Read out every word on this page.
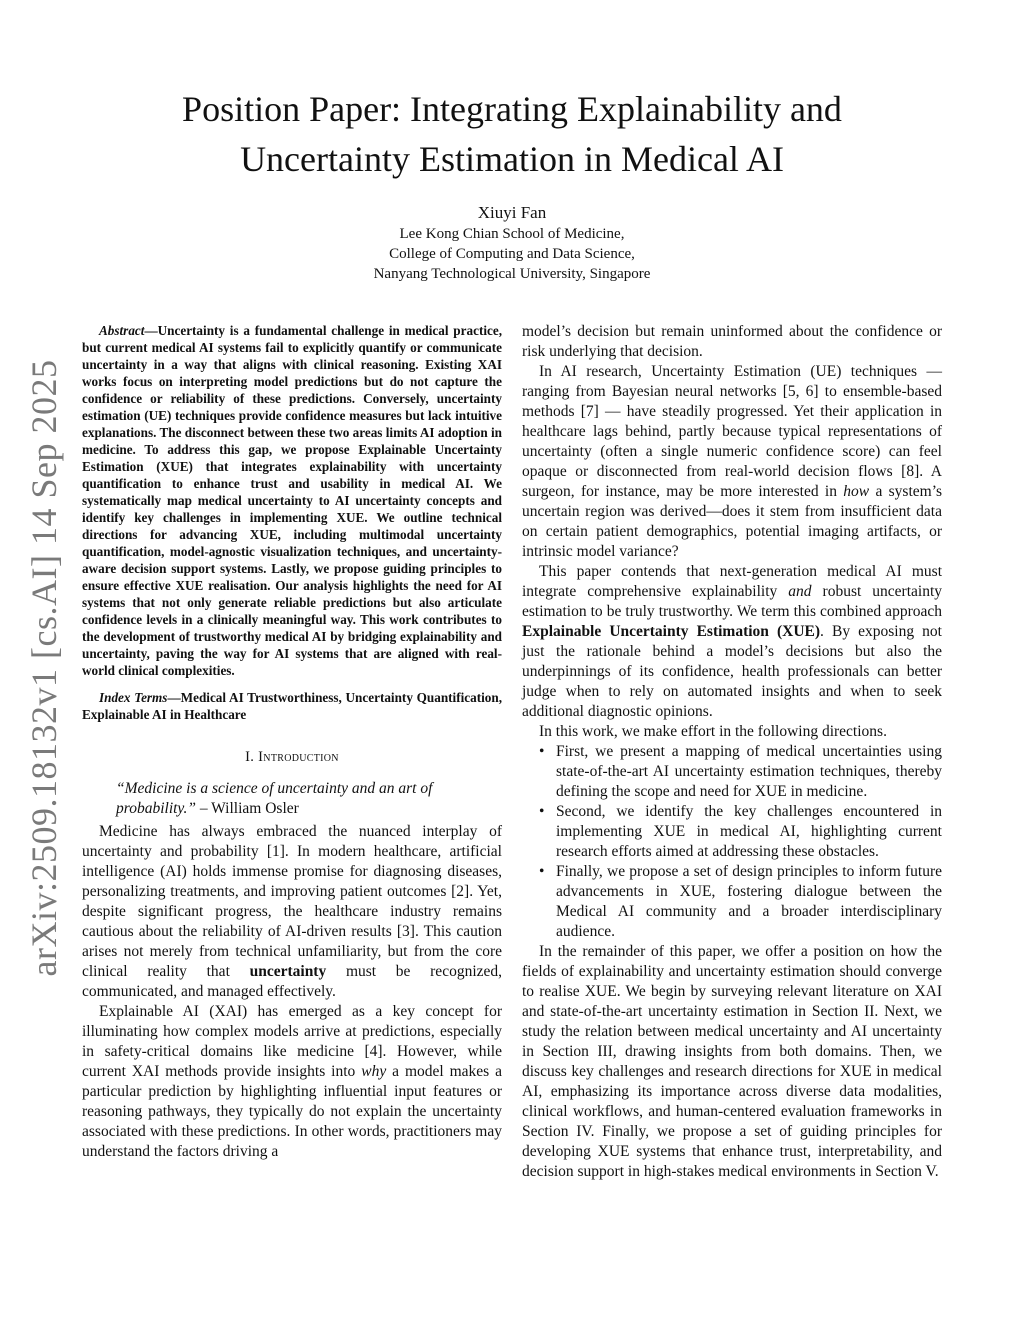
arXiv:2509.18132v1 [cs.AI] 14 Sep 2025
Position Paper: Integrating Explainability and
Uncertainty Estimation in Medical AI
Xiuyi Fan
Lee Kong Chian School of Medicine,
College of Computing and Data Science,
Nanyang Technological University, Singapore

Abstract—Uncertainty is a fundamental challenge in medical practice, but current medical AI systems fail to explicitly quantify or communicate uncertainty in a way that aligns with clinical reasoning. Existing XAI works focus on interpreting model predictions but do not capture the confidence or reliability of these predictions. Conversely, uncertainty estimation (UE) techniques provide confidence measures but lack intuitive explanations. The disconnect between these two areas limits AI adoption in medicine. To address this gap, we propose Explainable Uncertainty Estimation (XUE) that integrates explainability with uncertainty quantification to enhance trust and usability in medical AI. We systematically map medical uncertainty to AI uncertainty concepts and identify key challenges in implementing XUE. We outline technical directions for advancing XUE, including multimodal uncertainty quantification, model-agnostic visualization techniques, and uncertainty-aware decision support systems. Lastly, we propose guiding principles to ensure effective XUE realisation. Our analysis highlights the need for AI systems that not only generate reliable predictions but also articulate confidence levels in a clinically meaningful way. This work contributes to the development of trustworthy medical AI by bridging explainability and uncertainty, paving the way for AI systems that are aligned with real-world clinical complexities.

Index Terms—Medical AI Trustworthiness, Uncertainty Quantification, Explainable AI in Healthcare

I. Introduction

“Medicine is a science of uncertainty and an art of probability.” – William Osler

Medicine has always embraced the nuanced interplay of uncertainty and probability [1]. In modern healthcare, artificial intelligence (AI) holds immense promise for diagnosing diseases, personalizing treatments, and improving patient outcomes [2]. Yet, despite significant progress, the healthcare industry remains cautious about the reliability of AI-driven results [3]. This caution arises not merely from technical unfamiliarity, but from the core clinical reality that uncertainty must be recognized, communicated, and managed effectively.

Explainable AI (XAI) has emerged as a key concept for illuminating how complex models arrive at predictions, especially in safety-critical domains like medicine [4]. However, while current XAI methods provide insights into why a model makes a particular prediction by highlighting influential input features or reasoning pathways, they typically do not explain the uncertainty associated with these predictions. In other words, practitioners may understand the factors driving a

model’s decision but remain uninformed about the confidence or risk underlying that decision.

In AI research, Uncertainty Estimation (UE) techniques — ranging from Bayesian neural networks [5, 6] to ensemble-based methods [7] — have steadily progressed. Yet their application in healthcare lags behind, partly because typical representations of uncertainty (often a single numeric confidence score) can feel opaque or disconnected from real-world decision flows [8]. A surgeon, for instance, may be more interested in how a system’s uncertain region was derived—does it stem from insufficient data on certain patient demographics, potential imaging artifacts, or intrinsic model variance?

This paper contends that next-generation medical AI must integrate comprehensive explainability and robust uncertainty estimation to be truly trustworthy. We term this combined approach Explainable Uncertainty Estimation (XUE). By exposing not just the rationale behind a model’s decisions but also the underpinnings of its confidence, health professionals can better judge when to rely on automated insights and when to seek additional diagnostic opinions.

In this work, we make effort in the following directions.

• First, we present a mapping of medical uncertainties using state-of-the-art AI uncertainty estimation techniques, thereby defining the scope and need for XUE in medicine.
• Second, we identify the key challenges encountered in implementing XUE in medical AI, highlighting current research efforts aimed at addressing these obstacles.
• Finally, we propose a set of design principles to inform future advancements in XUE, fostering dialogue between the Medical AI community and a broader interdisciplinary audience.

In the remainder of this paper, we offer a position on how the fields of explainability and uncertainty estimation should converge to realise XUE. We begin by surveying relevant literature on XAI and state-of-the-art uncertainty estimation in Section II. Next, we study the relation between medical uncertainty and AI uncertainty in Section III, drawing insights from both domains. Then, we discuss key challenges and research directions for XUE in medical AI, emphasizing its importance across diverse data modalities, clinical workflows, and human-centered evaluation frameworks in Section IV. Finally, we propose a set of guiding principles for developing XUE systems that enhance trust, interpretability, and decision support in high-stakes medical environments in Section V.
